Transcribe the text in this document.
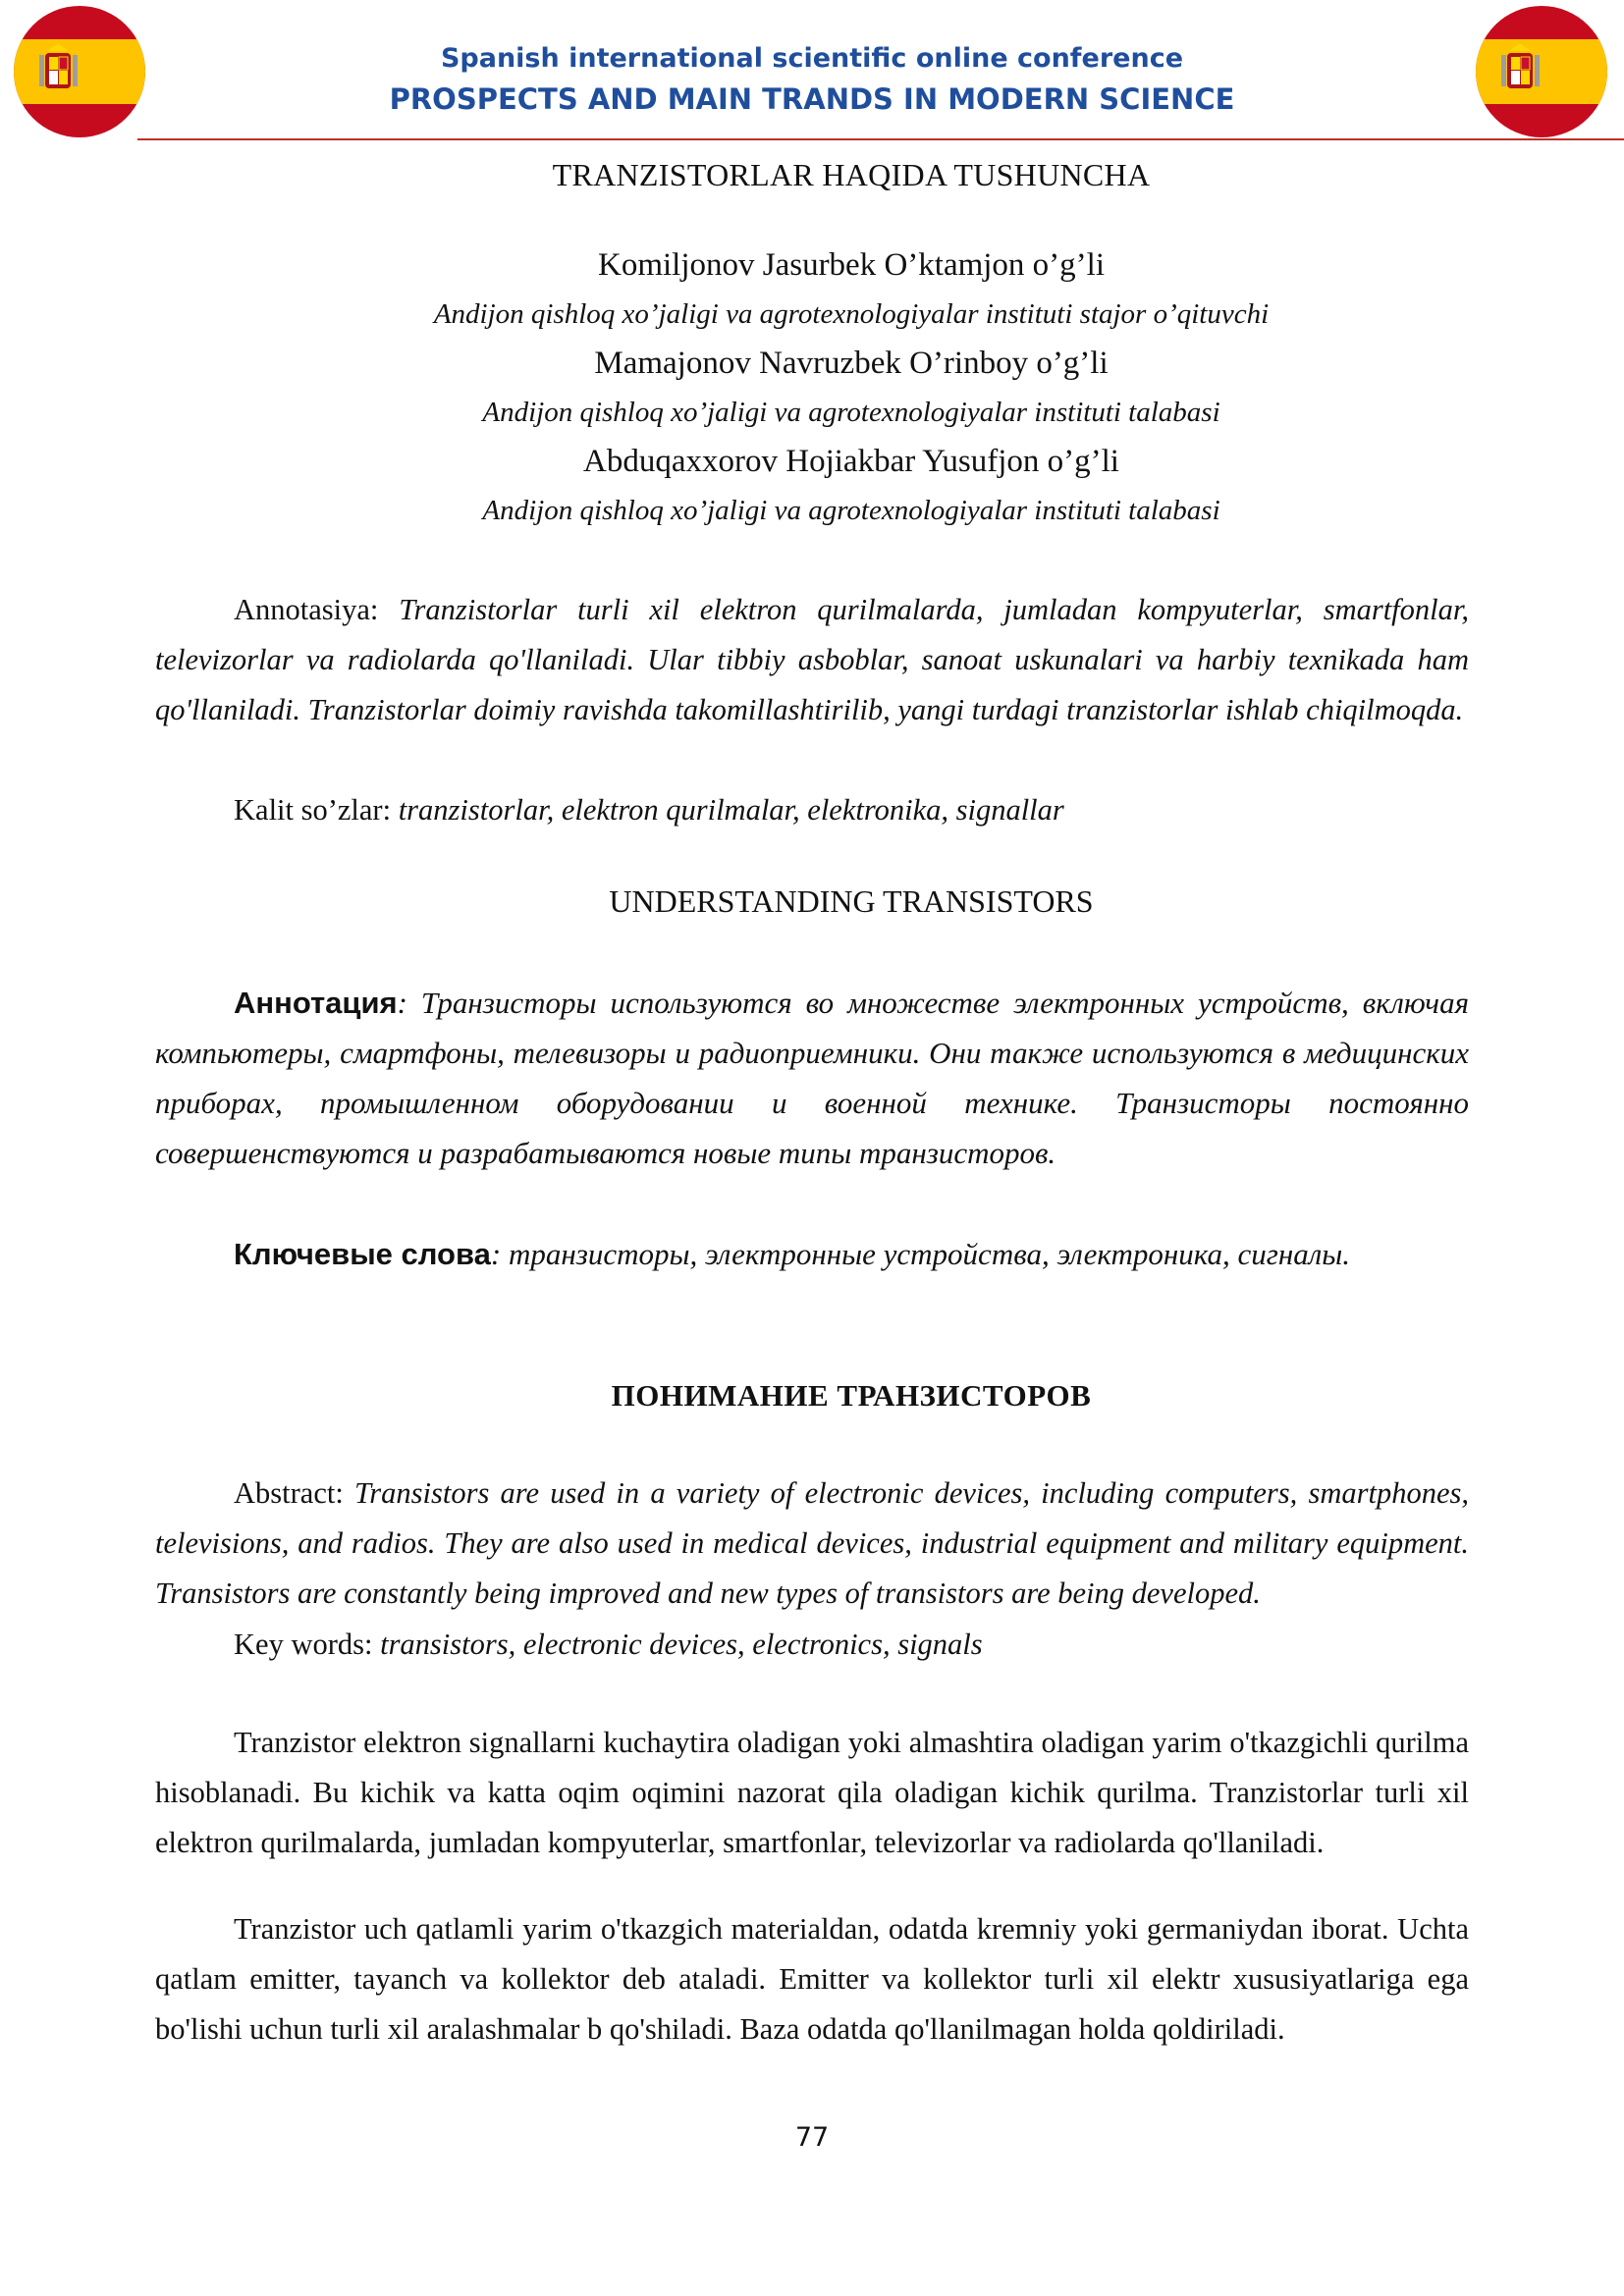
Spanish international scientific online conference
PROSPECTS AND MAIN TRANDS IN MODERN SCIENCE
TRANZISTORLAR HAQIDA TUSHUNCHA
Komiljonov Jasurbek O’ktamjon o’g’li
Andijon qishloq xo’jaligi va agrotexnologiyalar instituti stajor o’qituvchi
Mamajonov Navruzbek O’rinboy o’g’li
Andijon qishloq xo’jaligi va agrotexnologiyalar instituti talabasi
Abduqaxxorov Hojiakbar Yusufjon o’g’li
Andijon qishloq xo’jaligi va agrotexnologiyalar instituti talabasi
Annotasiya: Tranzistorlar turli xil elektron qurilmalarda, jumladan kompyuterlar, smartfonlar, televizorlar va radiolarda qo'llaniladi. Ular tibbiy asboblar, sanoat uskunalari va harbiy texnikada ham qo'llaniladi. Tranzistorlar doimiy ravishda takomillashtirilib, yangi turdagi tranzistorlar ishlab chiqilmoqda.
Kalit so’zlar: tranzistorlar, elektron qurilmalar, elektronika, signallar
UNDERSTANDING TRANSISTORS
Аннотация: Транзисторы используются во множестве электронных устройств, включая компьютеры, смартфоны, телевизоры и радиоприемники. Они также используются в медицинских приборах, промышленном оборудовании и военной технике. Транзисторы постоянно совершенствуются и разрабатываются новые типы транзисторов.
Ключевые слова: транзисторы, электронные устройства, электроника, сигналы.
ПОНИМАНИЕ ТРАНЗИСТОРОВ
Abstract: Transistors are used in a variety of electronic devices, including computers, smartphones, televisions, and radios. They are also used in medical devices, industrial equipment and military equipment. Transistors are constantly being improved and new types of transistors are being developed.
Key words: transistors, electronic devices, electronics, signals
Tranzistor elektron signallarni kuchaytira oladigan yoki almashtira oladigan yarim o'tkazgichli qurilma hisoblanadi. Bu kichik va katta oqim oqimini nazorat qila oladigan kichik qurilma. Tranzistorlar turli xil elektron qurilmalarda, jumladan kompyuterlar, smartfonlar, televizorlar va radiolarda qo'llaniladi.
Tranzistor uch qatlamli yarim o'tkazgich materialdan, odatda kremniy yoki germaniydan iborat. Uchta qatlam emitter, tayanch va kollektor deb ataladi. Emitter va kollektor turli xil elektr xususiyatlariga ega bo'lishi uchun turli xil aralashmalar b qo'shiladi. Baza odatda qo'llanilmagan holda qoldiriladi.
77
